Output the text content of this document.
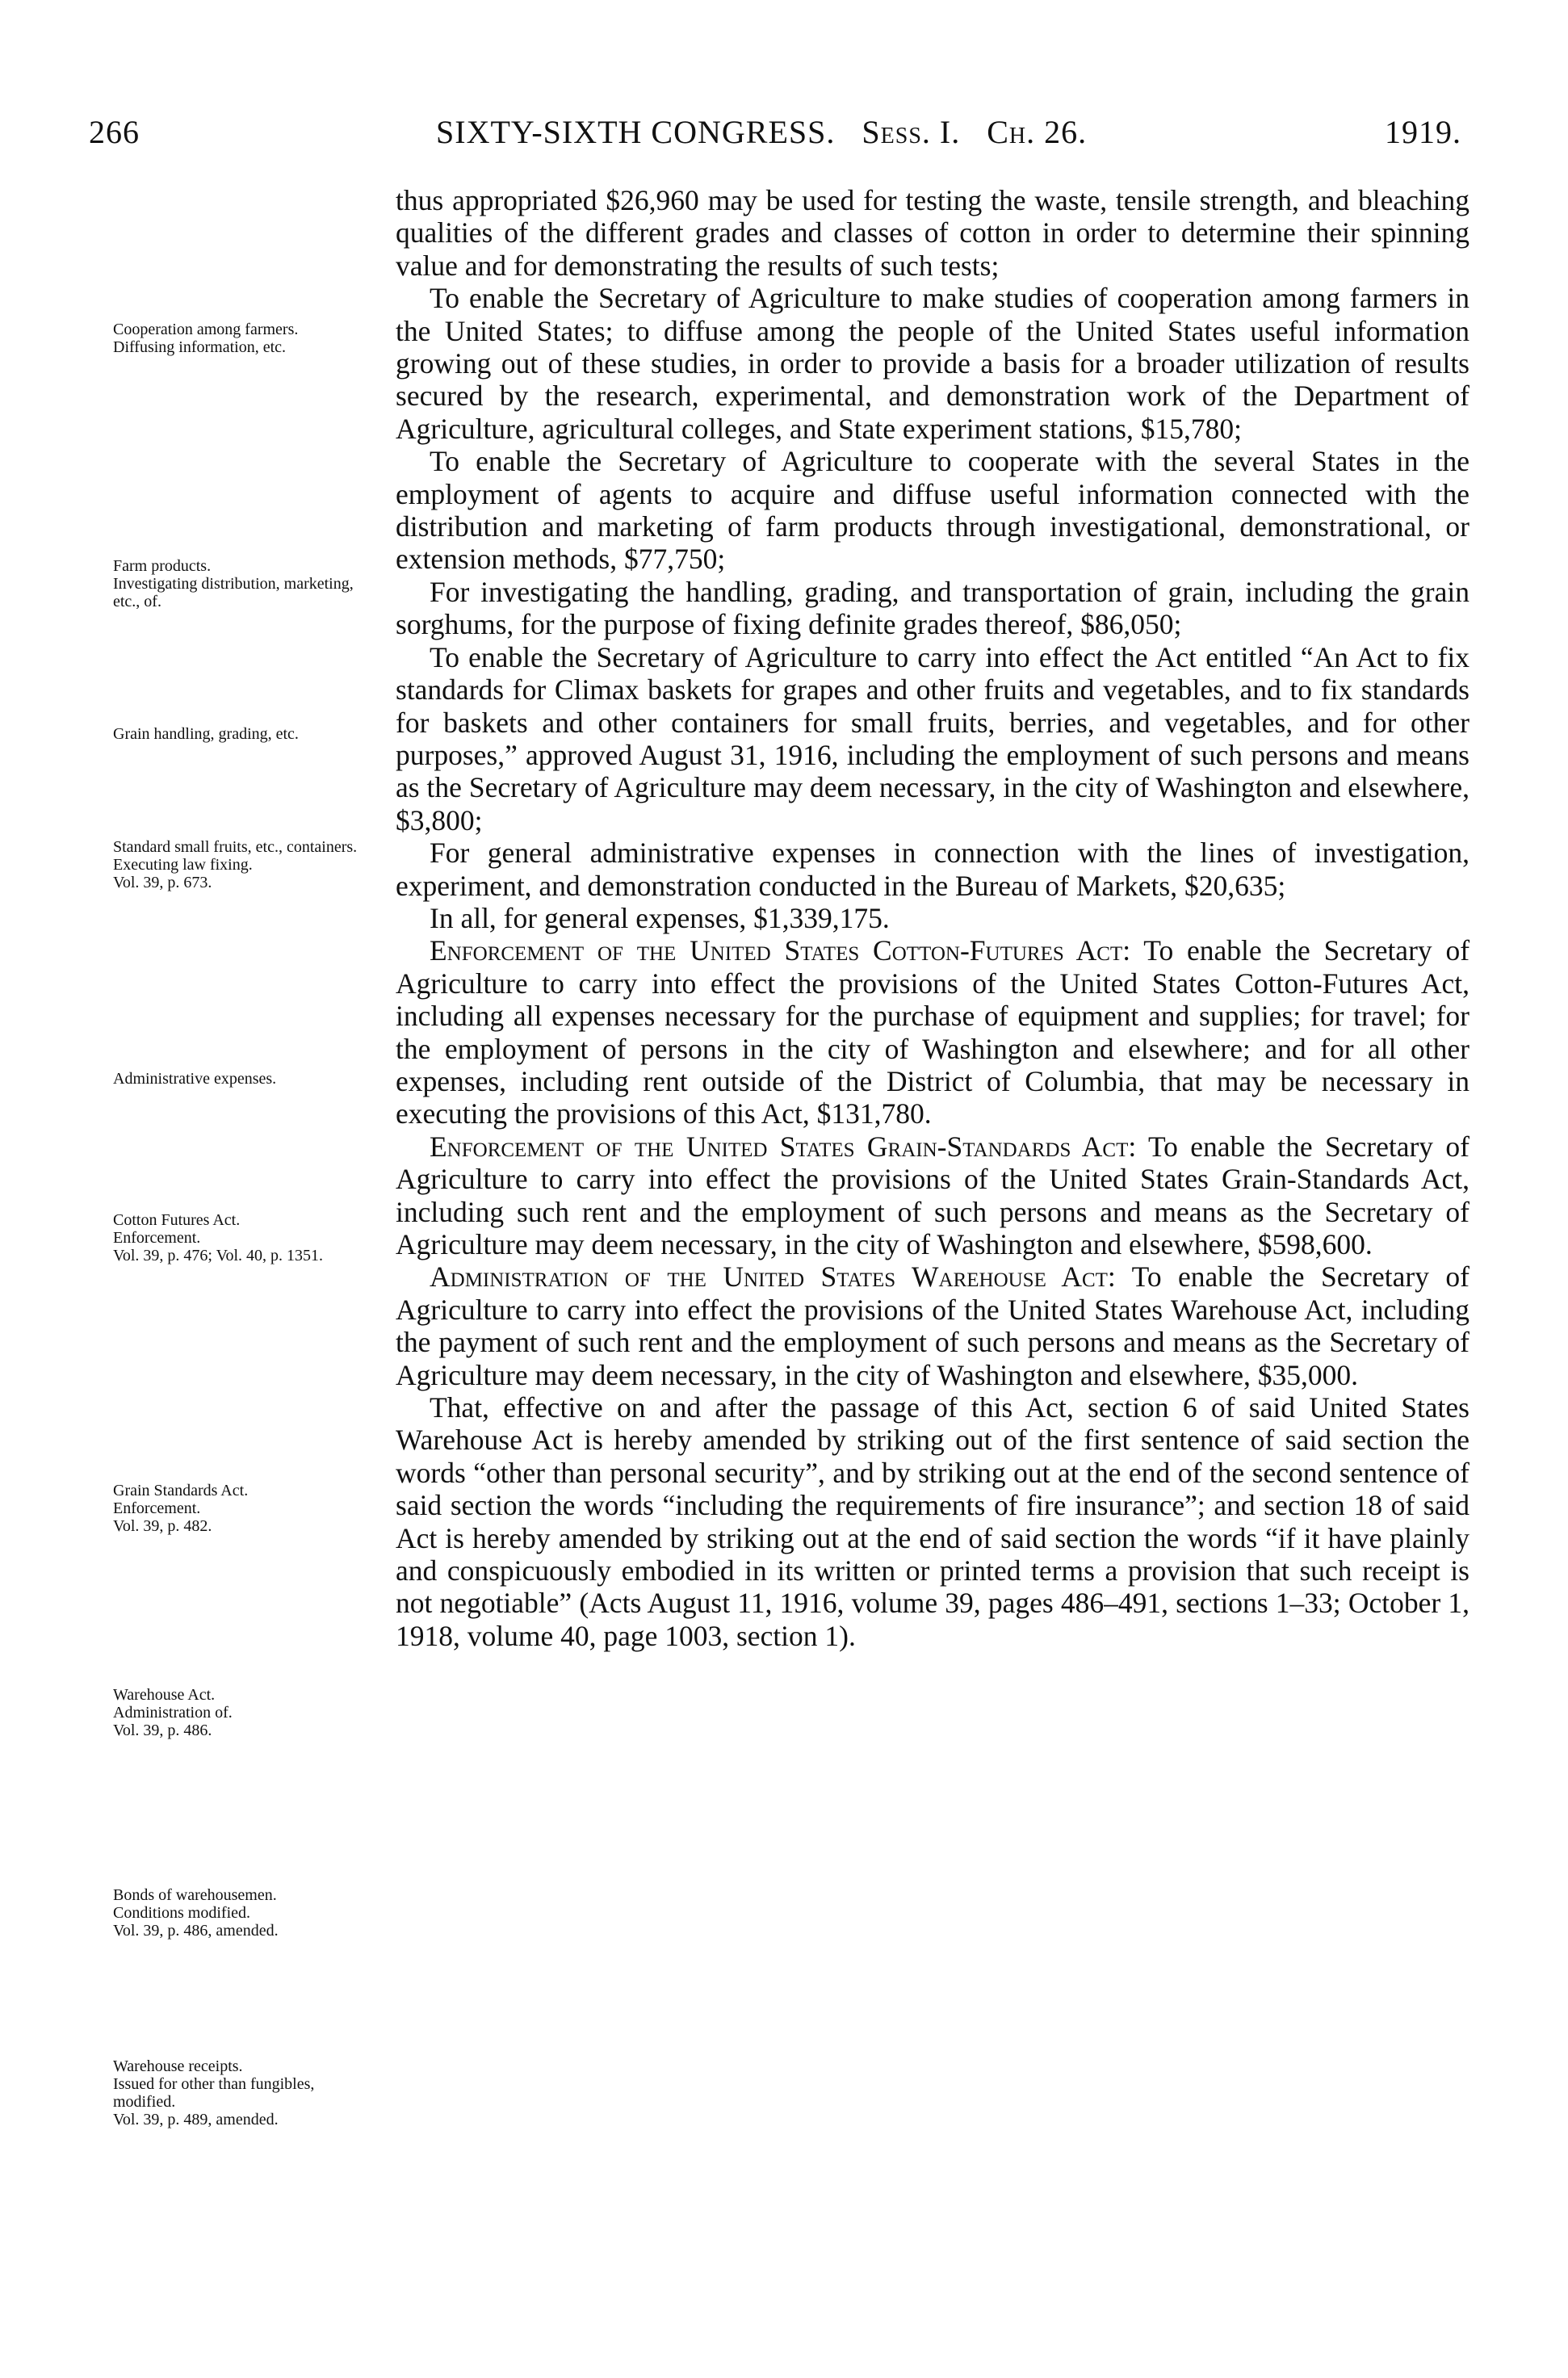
266	SIXTY-SIXTH CONGRESS. Sess. I. Ch. 26.	1919.
Cooperation among farmers.
Diffusing information, etc.
Farm products.
Investigating distribution, marketing, etc., of.
Grain handling, grading, etc.
Standard small fruits, etc., containers.
Executing law fixing.
Vol. 39, p. 673.
Administrative expenses.
Cotton Futures Act.
Enforcement.
Vol. 39, p. 476; Vol. 40, p. 1351.
Grain Standards Act.
Enforcement.
Vol. 39, p. 482.
Warehouse Act.
Administration of.
Vol. 39, p. 486.
Bonds of warehousemen.
Conditions modified.
Vol. 39, p. 486, amended.
Warehouse receipts.
Issued for other than fungibles, modified.
Vol. 39, p. 489, amended.

thus appropriated $26,960 may be used for testing the waste, tensile strength, and bleaching qualities of the different grades and classes of cotton in order to determine their spinning value and for demonstrating the results of such tests;

To enable the Secretary of Agriculture to make studies of cooperation among farmers in the United States; to diffuse among the people of the United States useful information growing out of these studies, in order to provide a basis for a broader utilization of results secured by the research, experimental, and demonstration work of the Department of Agriculture, agricultural colleges, and State experiment stations, $15,780;

To enable the Secretary of Agriculture to cooperate with the several States in the employment of agents to acquire and diffuse useful information connected with the distribution and marketing of farm products through investigational, demonstrational, or extension methods, $77,750;

For investigating the handling, grading, and transportation of grain, including the grain sorghums, for the purpose of fixing definite grades thereof, $86,050;

To enable the Secretary of Agriculture to carry into effect the Act entitled “An Act to fix standards for Climax baskets for grapes and other fruits and vegetables, and to fix standards for baskets and other containers for small fruits, berries, and vegetables, and for other purposes,” approved August 31, 1916, including the employment of such persons and means as the Secretary of Agriculture may deem necessary, in the city of Washington and elsewhere, $3,800;

For general administrative expenses in connection with the lines of investigation, experiment, and demonstration conducted in the Bureau of Markets, $20,635;

In all, for general expenses, $1,339,175.

Enforcement of the United States Cotton-Futures Act: To enable the Secretary of Agriculture to carry into effect the provisions of the United States Cotton-Futures Act, including all expenses necessary for the purchase of equipment and supplies; for travel; for the employment of persons in the city of Washington and elsewhere; and for all other expenses, including rent outside of the District of Columbia, that may be necessary in executing the provisions of this Act, $131,780.

Enforcement of the United States Grain-Standards Act: To enable the Secretary of Agriculture to carry into effect the provisions of the United States Grain-Standards Act, including such rent and the employment of such persons and means as the Secretary of Agriculture may deem necessary, in the city of Washington and elsewhere, $598,600.

Administration of the United States Warehouse Act: To enable the Secretary of Agriculture to carry into effect the provisions of the United States Warehouse Act, including the payment of such rent and the employment of such persons and means as the Secretary of Agriculture may deem necessary, in the city of Washington and elsewhere, $35,000.

That, effective on and after the passage of this Act, section 6 of said United States Warehouse Act is hereby amended by striking out of the first sentence of said section the words “other than personal security”, and by striking out at the end of the second sentence of said section the words “including the requirements of fire insurance”; and section 18 of said Act is hereby amended by striking out at the end of said section the words “if it have plainly and conspicuously embodied in its written or printed terms a provision that such receipt is not negotiable” (Acts August 11, 1916, volume 39, pages 486–491, sections 1–33; October 1, 1918, volume 40, page 1003, section 1).
